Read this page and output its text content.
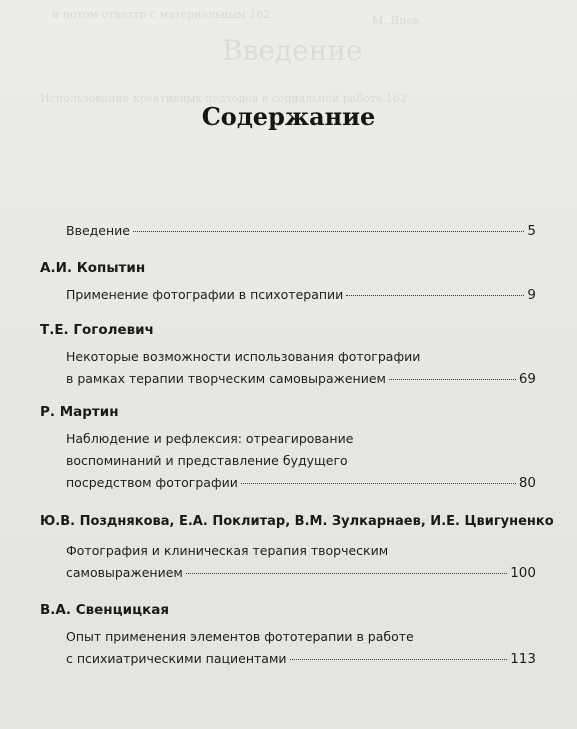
и потом отвезти с материальным 162
Введение
М. Янов
Использование креативных подходов в социальной работе 162
Содержание
Введение	5
А.И. Копытин
Применение фотографии в психотерапии	9
Т.Е. Гоголевич
Некоторые возможности использования фотографии
в рамках терапии творческим самовыражением	69
Р. Мартин
Наблюдение и рефлексия: отреагирование
воспоминаний и представление будущего
посредством фотографии	80
Ю.В. Позднякова, Е.А. Поклитар, В.М. Зулкарнаев, И.Е. Цвигуненко
Фотография и клиническая терапия творческим
самовыражением	100
В.А. Свенцицкая
Опыт применения элементов фототерапии в работе
с психиатрическими пациентами	113
